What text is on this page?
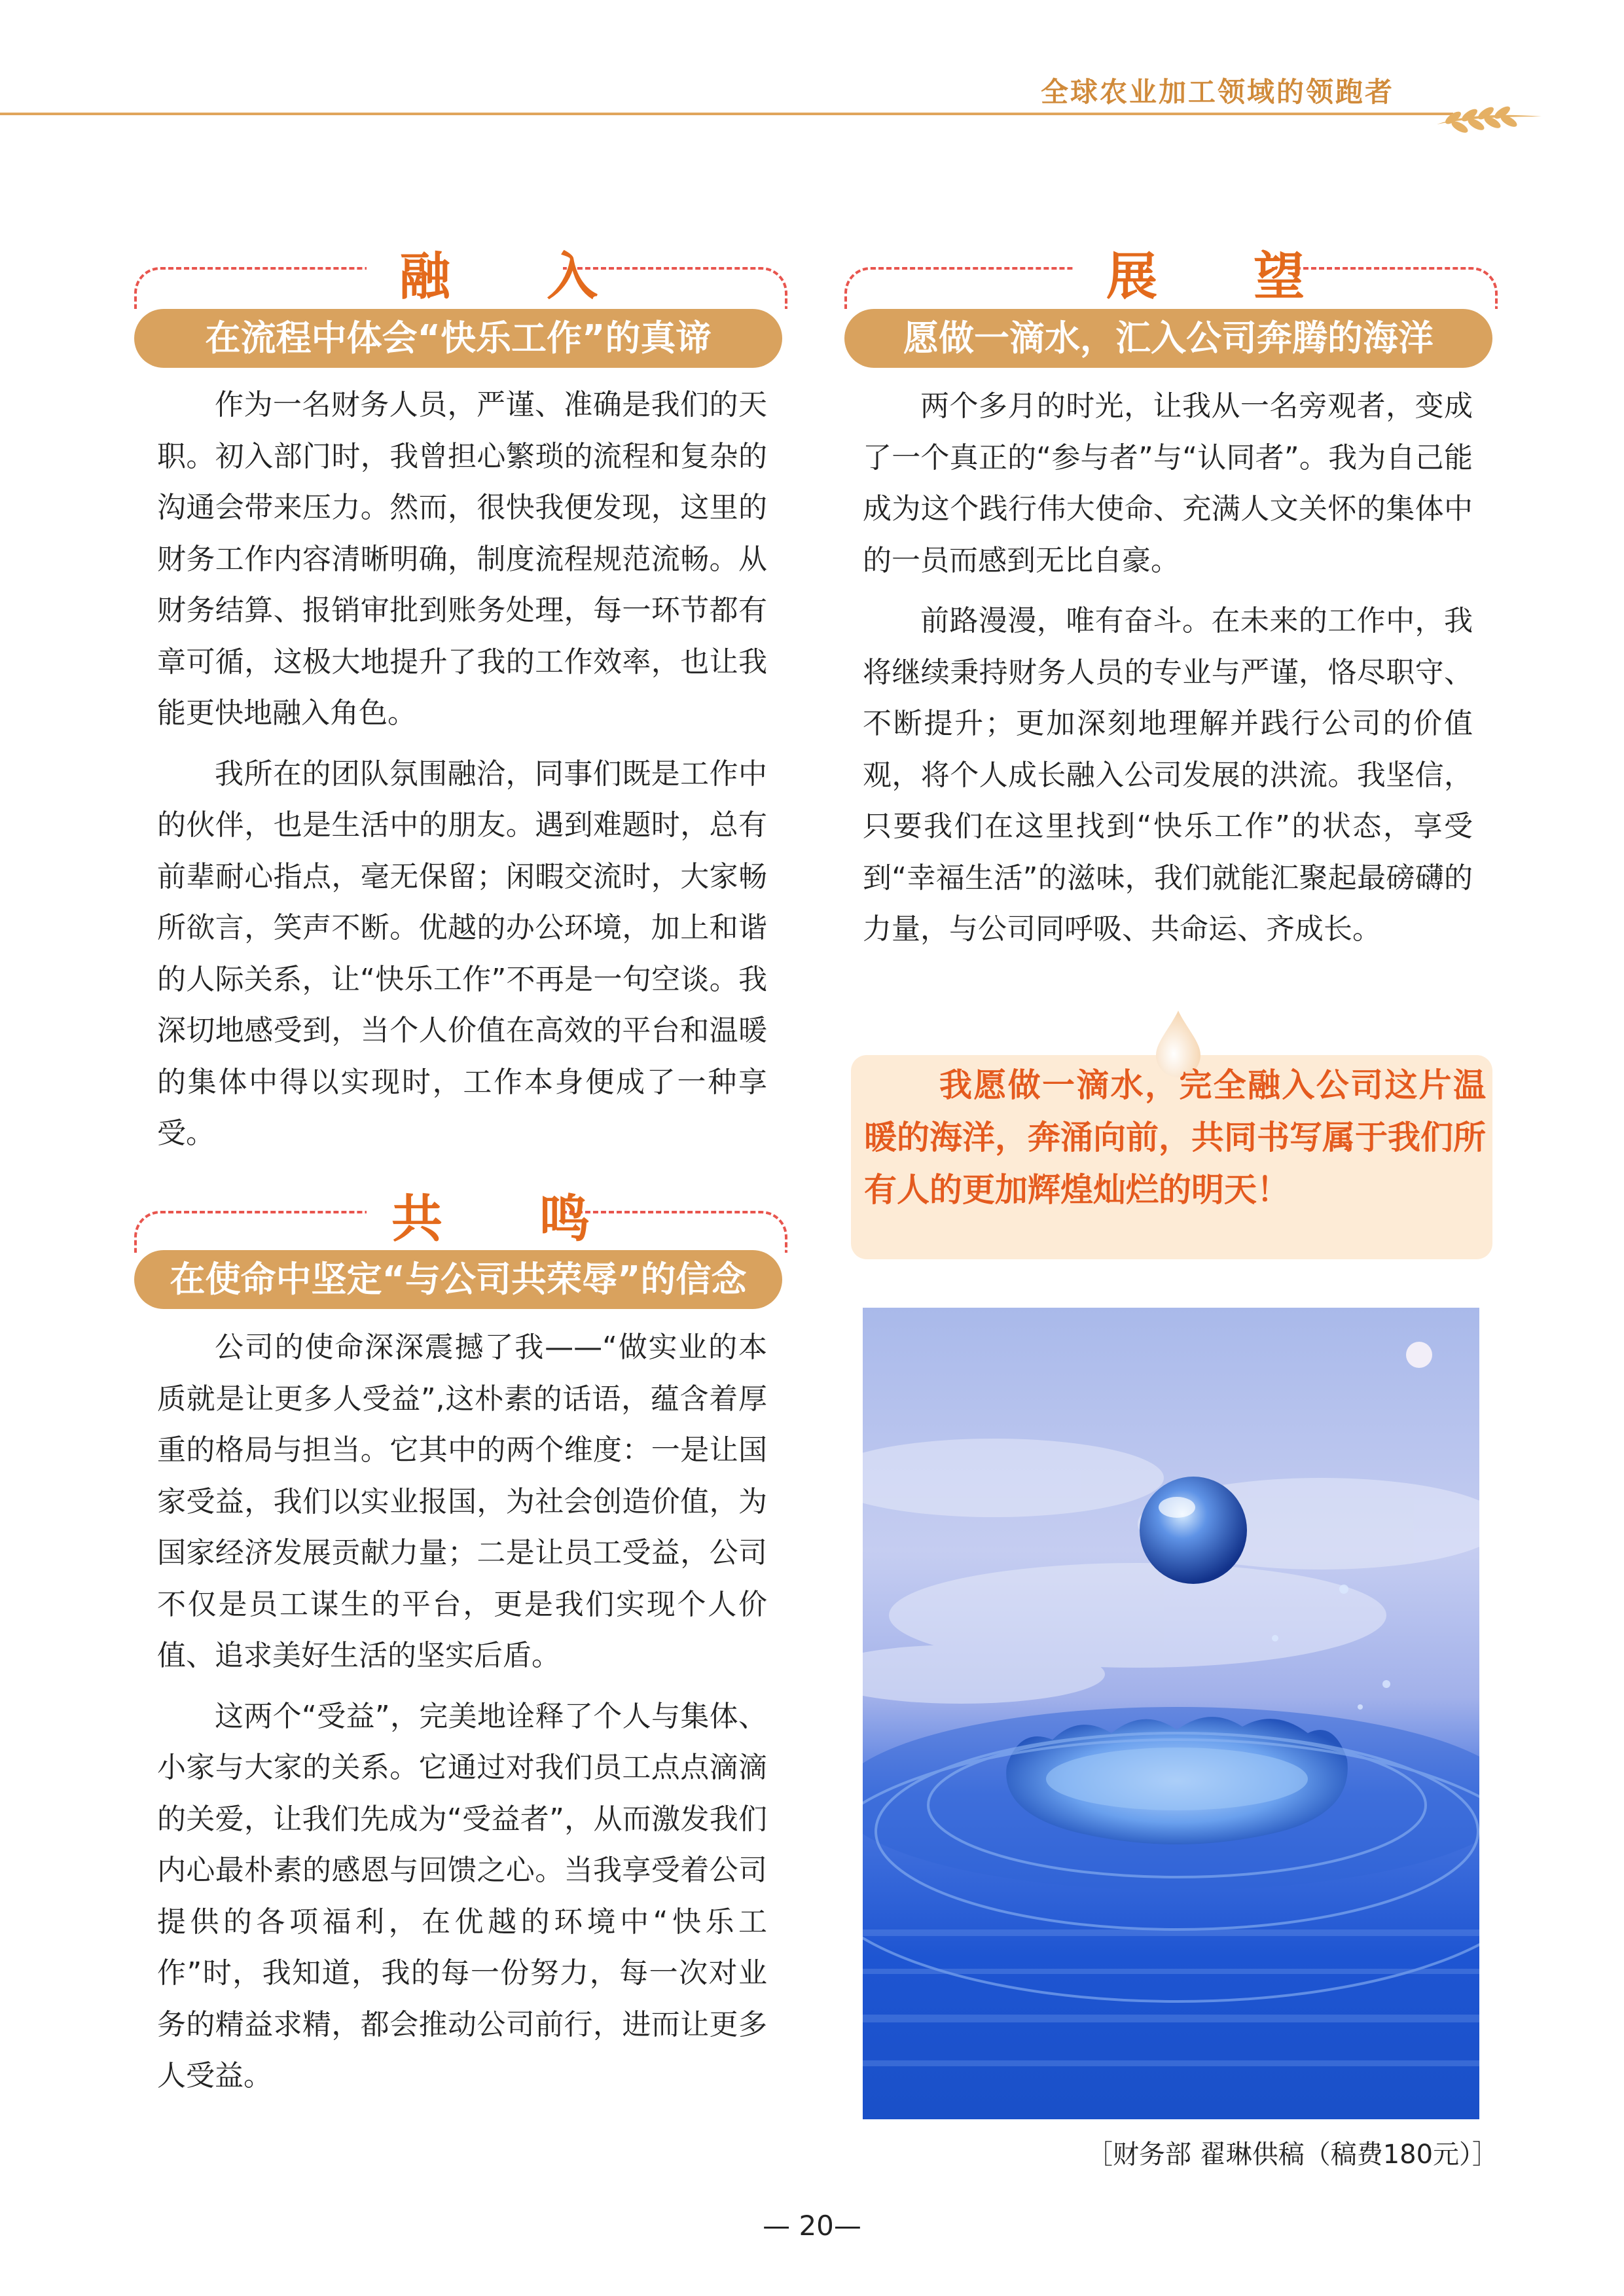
全球农业加工领域的领跑者
融 入
在流程中体会“快乐工作”的真谛

作为一名财务人员，严谨、准确是我们的天职。初入部门时，我曾担心繁琐的流程和复杂的沟通会带来压力。然而，很快我便发现，这里的财务工作内容清晰明确，制度流程规范流畅。从财务结算、报销审批到账务处理，每一环节都有章可循，这极大地提升了我的工作效率，也让我能更快地融入角色。

我所在的团队氛围融洽，同事们既是工作中的伙伴，也是生活中的朋友。遇到难题时，总有前辈耐心指点，毫无保留；闲暇交流时，大家畅所欲言，笑声不断。优越的办公环境，加上和谐的人际关系，让“快乐工作”不再是一句空谈。我深切地感受到，当个人价值在高效的平台和温暖的集体中得以实现时，工作本身便成了一种享受。

共 鸣
在使命中坚定“与公司共荣辱”的信念

公司的使命深深震撼了我——“做实业的本质就是让更多人受益”,这朴素的话语，蕴含着厚重的格局与担当。它其中的两个维度：一是让国家受益，我们以实业报国，为社会创造价值，为国家经济发展贡献力量；二是让员工受益，公司不仅是员工谋生的平台，更是我们实现个人价值、追求美好生活的坚实后盾。

这两个“受益”，完美地诠释了个人与集体、小家与大家的关系。它通过对我们员工点点滴滴的关爱，让我们先成为“受益者”，从而激发我们内心最朴素的感恩与回馈之心。当我享受着公司提供的各项福利，在优越的环境中“快乐工作”时，我知道，我的每一份努力，每一次对业务的精益求精，都会推动公司前行，进而让更多人受益。

展 望
愿做一滴水，汇入公司奔腾的海洋

两个多月的时光，让我从一名旁观者，变成了一个真正的“参与者”与“认同者”。我为自己能成为这个践行伟大使命、充满人文关怀的集体中的一员而感到无比自豪。

前路漫漫，唯有奋斗。在未来的工作中，我将继续秉持财务人员的专业与严谨，恪尽职守、不断提升；更加深刻地理解并践行公司的价值观，将个人成长融入公司发展的洪流。我坚信，只要我们在这里找到“快乐工作”的状态，享受到“幸福生活”的滋味，我们就能汇聚起最磅礴的力量，与公司同呼吸、共命运、齐成长。

我愿做一滴水，完全融入公司这片温暖的海洋，奔涌向前，共同书写属于我们所有人的更加辉煌灿烂的明天！

［财务部 翟琳供稿（稿费180元）］
— 20—
